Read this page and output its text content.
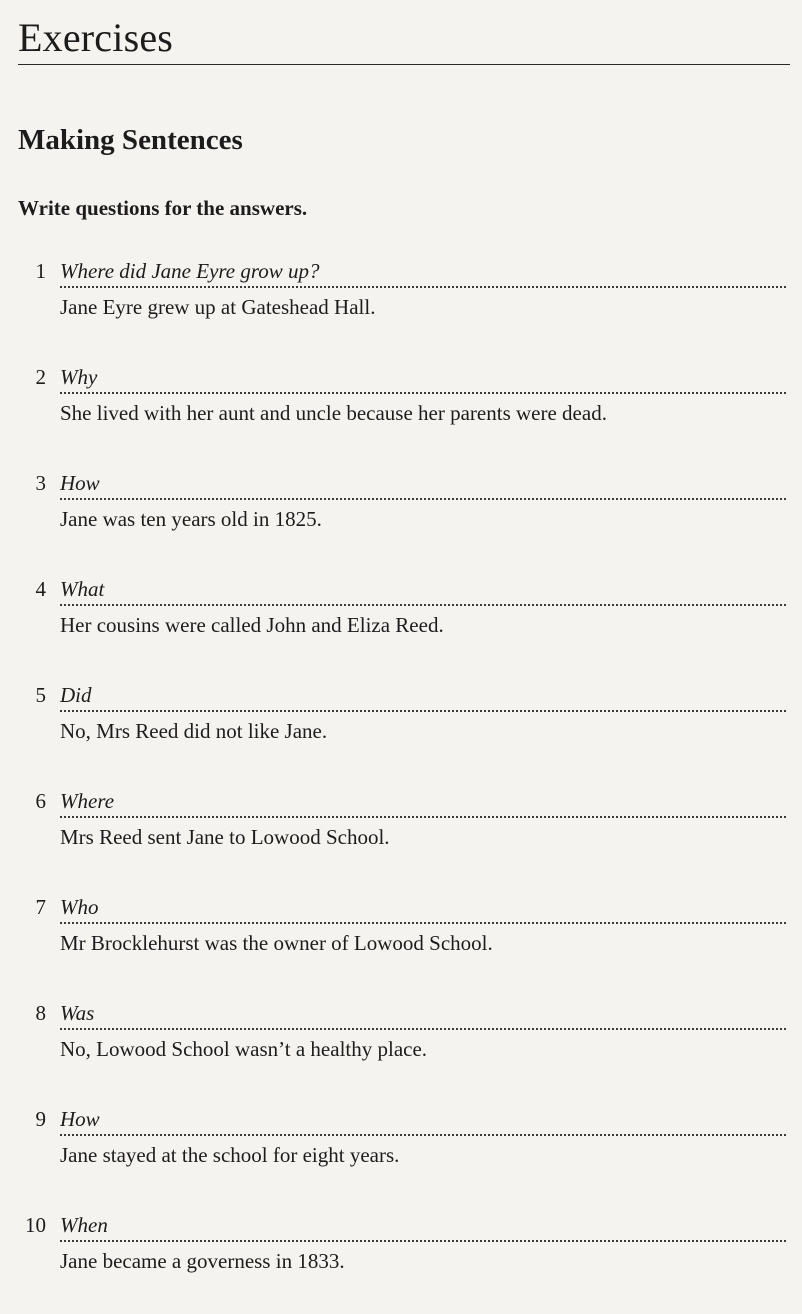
Exercises
Making Sentences

Write questions for the answers.

1 Where did Jane Eyre grow up?
Jane Eyre grew up at Gateshead Hall.
2 Why
She lived with her aunt and uncle because her parents were dead.
3 How
Jane was ten years old in 1825.
4 What
Her cousins were called John and Eliza Reed.
5 Did
No, Mrs Reed did not like Jane.
6 Where
Mrs Reed sent Jane to Lowood School.
7 Who
Mr Brocklehurst was the owner of Lowood School.
8 Was
No, Lowood School wasn’t a healthy place.
9 How
Jane stayed at the school for eight years.
10 When
Jane became a governess in 1833.
